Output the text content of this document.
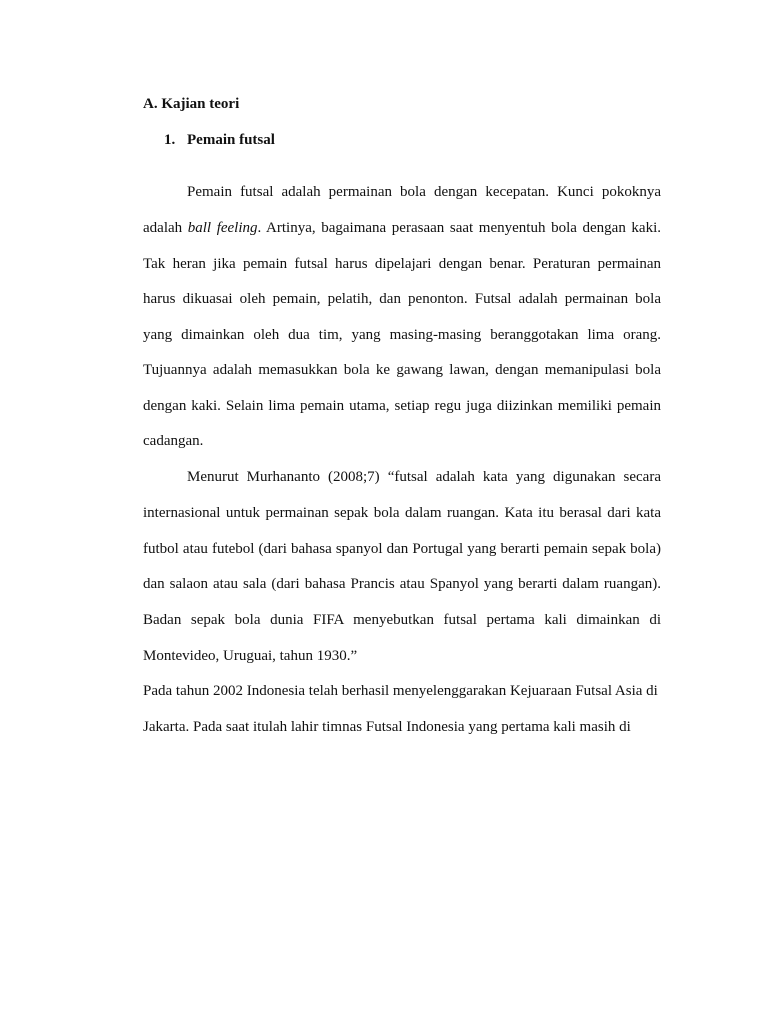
A. Kajian teori
1. Pemain futsal
Pemain futsal adalah permainan bola dengan kecepatan. Kunci pokoknya
adalah ball feeling. Artinya, bagaimana perasaan saat menyentuh bola dengan kaki.
Tak heran jika pemain futsal harus dipelajari dengan benar. Peraturan permainan
harus dikuasai oleh pemain, pelatih, dan penonton. Futsal adalah permainan bola
yang dimainkan oleh dua tim, yang masing-masing beranggotakan lima orang.
Tujuannya adalah memasukkan bola ke gawang lawan, dengan memanipulasi bola
dengan kaki. Selain lima pemain utama, setiap regu juga diizinkan memiliki pemain
cadangan.
Menurut Murhananto (2008;7) “futsal adalah kata yang digunakan secara
internasional untuk permainan sepak bola dalam ruangan. Kata itu berasal dari kata
futbol atau futebol (dari bahasa spanyol dan Portugal yang berarti pemain sepak bola)
dan salaon atau sala (dari bahasa Prancis atau Spanyol yang berarti dalam ruangan).
Badan sepak bola dunia FIFA menyebutkan futsal pertama kali dimainkan di
Montevideo, Uruguai, tahun 1930.”
Pada tahun 2002 Indonesia telah berhasil menyelenggarakan Kejuaraan Futsal Asia di
Jakarta. Pada saat itulah lahir timnas Futsal Indonesia yang pertama kali masih di
